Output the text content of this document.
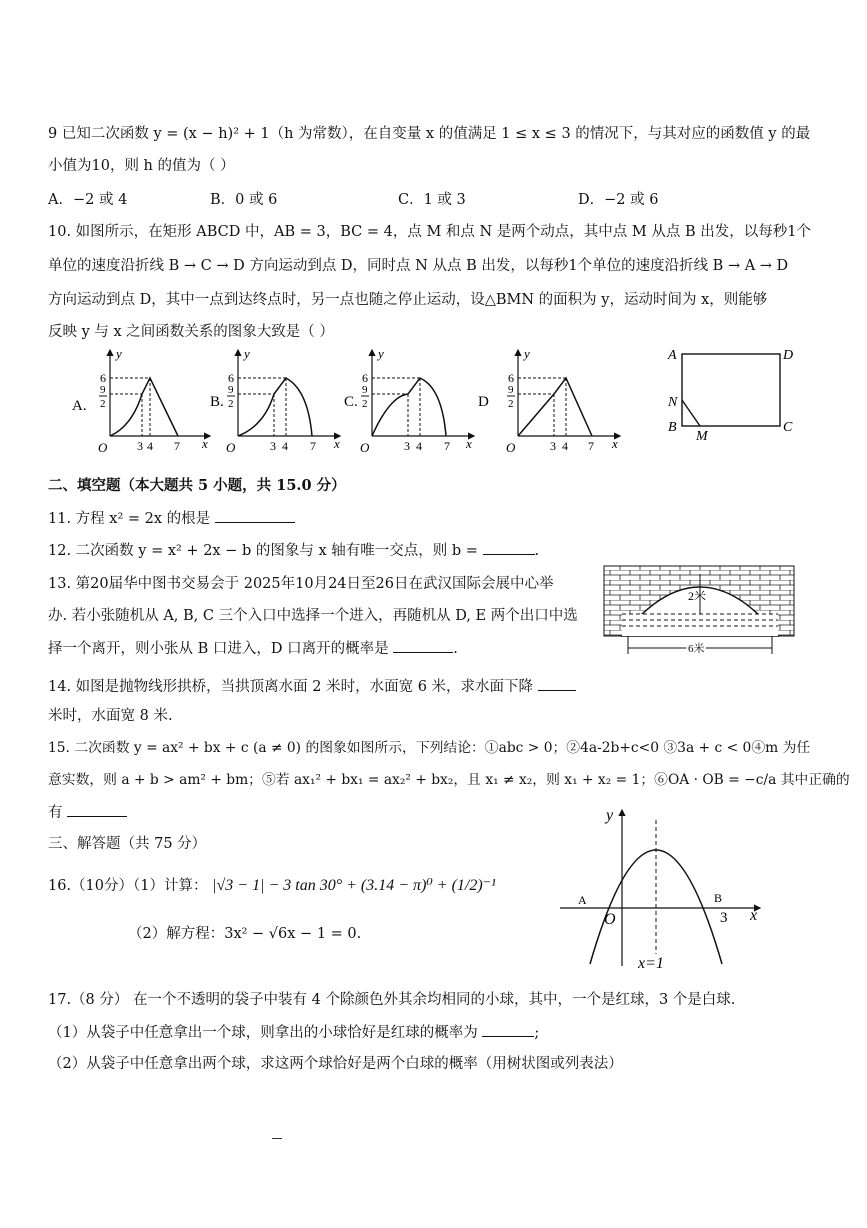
9 已知二次函数 y = (x − h)² + 1（h 为常数），在自变量 x 的值满足 1 ≤ x ≤ 3 的情况下，与其对应的函数值 y 的最
小值为10，则 h 的值为（ ）
A．−2 或 4	B．0 或 6	C．1 或 3	D．−2 或 6
10. 如图所示，在矩形 ABCD 中，AB = 3，BC = 4，点 M 和点 N 是两个动点，其中点 M 从点 B 出发，以每秒1个
单位的速度沿折线 B → C → D 方向运动到点 D，同时点 N 从点 B 出发，以每秒1个单位的速度沿折线 B → A → D
方向运动到点 D，其中一点到达终点时，另一点也随之停止运动，设△BMN 的面积为 y，运动时间为 x，则能够
反映 y 与 x 之间函数关系的图象大致是（ ）
A.
y
6
9
2
O 3 4 7 x
B.
y
6
9
2
O	3 4 7 x
C.
y
6
9
2
O	3 4 7 x
D
y
6
9
2
O	3 4 7 x
A	D
B	C
N
M
二、填空题（本大题共 5 小题，共 15.0 分）
11. 方程 x² = 2x 的根是
12. 二次函数 y = x² + 2x − b 的图象与 x 轴有唯一交点，则 b =	.
13. 第20届华中图书交易会于 2025年10月24日至26日在武汉国际会展中心举
办. 若小张随机从 A, B, C 三个入口中选择一个进入，再随机从 D, E 两个出口中选
择一个离开，则小张从 B 口进入，D 口离开的概率是	.
2米
6米
14. 如图是抛物线形拱桥，当拱顶离水面 2 米时，水面宽 6 米，求水面下降
米时，水面宽 8 米.
15. 二次函数 y = ax² + bx + c (a ≠ 0) 的图象如图所示，下列结论：①abc > 0；②4a-2b+c<0 ③3a + c < 0④m 为任
意实数，则 a + b > am² + bm；⑤若 ax₁² + bx₁ = ax₂² + bx₂，且 x₁ ≠ x₂，则 x₁ + x₂ = 1；⑥OA · OB = −c/a 其中正确的
有	y
x
O
A	B
3
x=1
三、解答题（共 75 分）
16.（10分）（1）计算： |√3 − 1| − 3 tan 30° + (3.14 − π)⁰ + (1/2)⁻¹
（2）解方程：3x² − √6x − 1 = 0.
17.（8 分） 在一个不透明的袋子中装有 4 个除颜色外其余均相同的小球，其中，一个是红球，3 个是白球.
（1）从袋子中任意拿出一个球，则拿出的小球恰好是红球的概率为	;
（2）从袋子中任意拿出两个球，求这两个球恰好是两个白球的概率（用树状图或列表法）
